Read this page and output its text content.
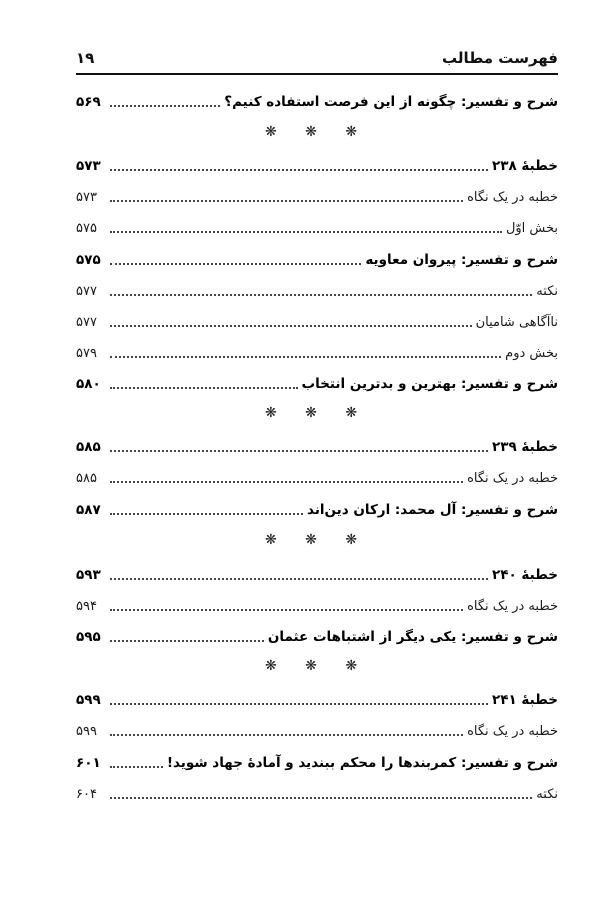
فهرست مطالب
۱۹
شرح و تفسیر: چگونه از این فرصت استفاده کنیم؟
۵۶۹
❋ ❋ ❋
خطبهٔ ۲۳۸
۵۷۳
خطبه در یک نگاه
۵۷۳
بخش اوّل
۵۷۵
شرح و تفسیر: پیروان معاویه
۵۷۵
نکته
۵۷۷
ناآگاهی شامیان
۵۷۷
بخش دوم
۵۷۹
شرح و تفسیر: بهترین و بدترین انتخاب
۵۸۰
❋ ❋ ❋
خطبهٔ ۲۳۹
۵۸۵
خطبه در یک نگاه
۵۸۵
شرح و تفسیر: آل محمد: ارکان دین‌اند
۵۸۷
❋ ❋ ❋
خطبهٔ ۲۴۰
۵۹۳
خطبه در یک نگاه
۵۹۴
شرح و تفسیر: یکی دیگر از اشتباهات عثمان
۵۹۵
❋ ❋ ❋
خطبهٔ ۲۴۱
۵۹۹
خطبه در یک نگاه
۵۹۹
شرح و تفسیر: کمربندها را محکم ببندید و آمادهٔ جهاد شوید!
۶۰۱
نکته
۶۰۴
